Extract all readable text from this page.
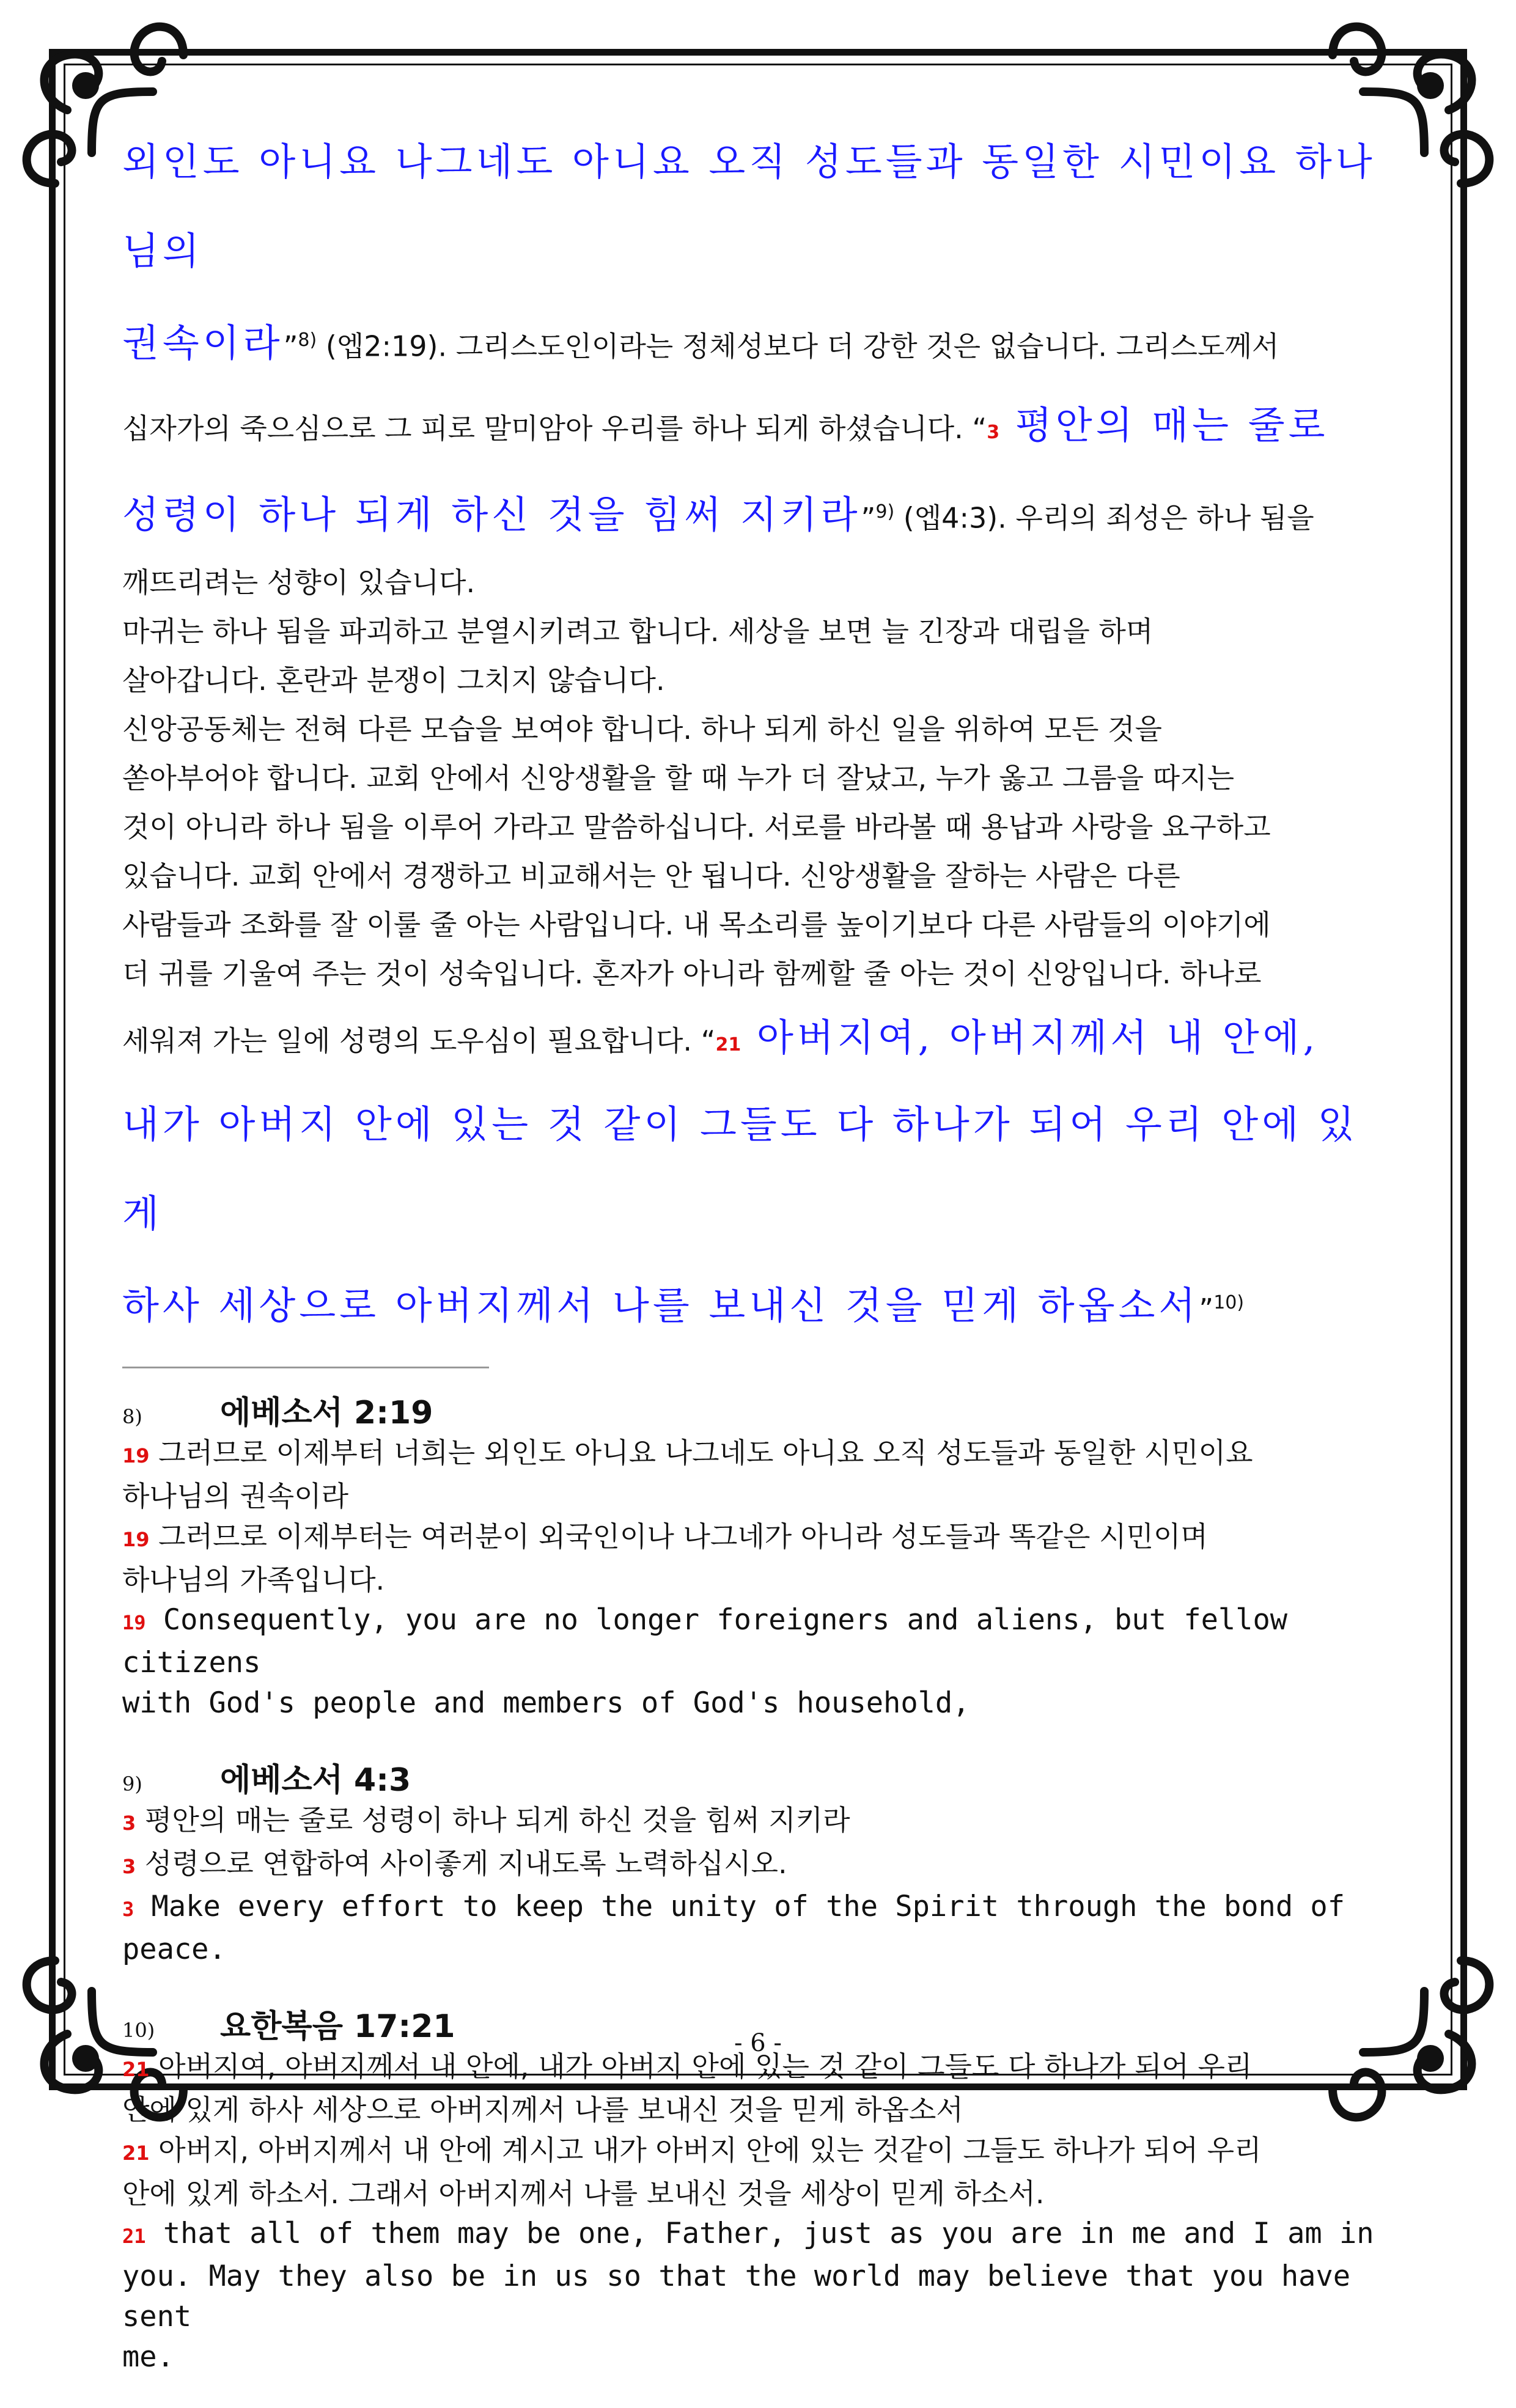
외인도 아니요 나그네도 아니요 오직 성도들과 동일한 시민이요 하나님의

권속이라”$^{8)}$ (엡2:19). 그리스도인이라는 정체성보다 더 강한 것은 없습니다. 그리스도께서

십자가의 죽으심으로 그 피로 말미암아 우리를 하나 되게 하셨습니다. “3 평안의 매는 줄로

성령이 하나 되게 하신 것을 힘써 지키라”$^{9)}$ (엡4:3). 우리의 죄성은 하나 됨을

깨뜨리려는 성향이 있습니다.

마귀는 하나 됨을 파괴하고 분열시키려고 합니다. 세상을 보면 늘 긴장과 대립을 하며

살아갑니다. 혼란과 분쟁이 그치지 않습니다.

신앙공동체는 전혀 다른 모습을 보여야 합니다. 하나 되게 하신 일을 위하여 모든 것을

쏟아부어야 합니다. 교회 안에서 신앙생활을 할 때 누가 더 잘났고, 누가 옳고 그름을 따지는

것이 아니라 하나 됨을 이루어 가라고 말씀하십니다. 서로를 바라볼 때 용납과 사랑을 요구하고

있습니다. 교회 안에서 경쟁하고 비교해서는 안 됩니다. 신앙생활을 잘하는 사람은 다른

사람들과 조화를 잘 이룰 줄 아는 사람입니다. 내 목소리를 높이기보다 다른 사람들의 이야기에

더 귀를 기울여 주는 것이 성숙입니다. 혼자가 아니라 함께할 줄 아는 것이 신앙입니다. 하나로

세워져 가는 일에 성령의 도우심이 필요합니다. “21 아버지여, 아버지께서 내 안에,

내가 아버지 안에 있는 것 같이 그들도 다 하나가 되어 우리 안에 있게

하사 세상으로 아버지께서 나를 보내신 것을 믿게 하옵소서”$^{10)}$

8)	에베소서 2:19
19 그러므로 이제부터 너희는 외인도 아니요 나그네도 아니요 오직 성도들과 동일한 시민이요
하나님의 권속이라
19 그러므로 이제부터는 여러분이 외국인이나 나그네가 아니라 성도들과 똑같은 시민이며
하나님의 가족입니다.
19 Consequently, you are no longer foreigners and aliens, but fellow citizens
with God's people and members of God's household,
9)	에베소서 4:3
3 평안의 매는 줄로 성령이 하나 되게 하신 것을 힘써 지키라
3 성령으로 연합하여 사이좋게 지내도록 노력하십시오.
3 Make every effort to keep the unity of the Spirit through the bond of peace.
10)	요한복음 17:21
21 아버지여, 아버지께서 내 안에, 내가 아버지 안에 있는 것 같이 그들도 다 하나가 되어 우리
안에 있게 하사 세상으로 아버지께서 나를 보내신 것을 믿게 하옵소서
21 아버지, 아버지께서 내 안에 계시고 내가 아버지 안에 있는 것같이 그들도 하나가 되어 우리
안에 있게 하소서. 그래서 아버지께서 나를 보내신 것을 세상이 믿게 하소서.
21 that all of them may be one, Father, just as you are in me and I am in
you. May they also be in us so that the world may believe that you have sent
me.
- 6 -
